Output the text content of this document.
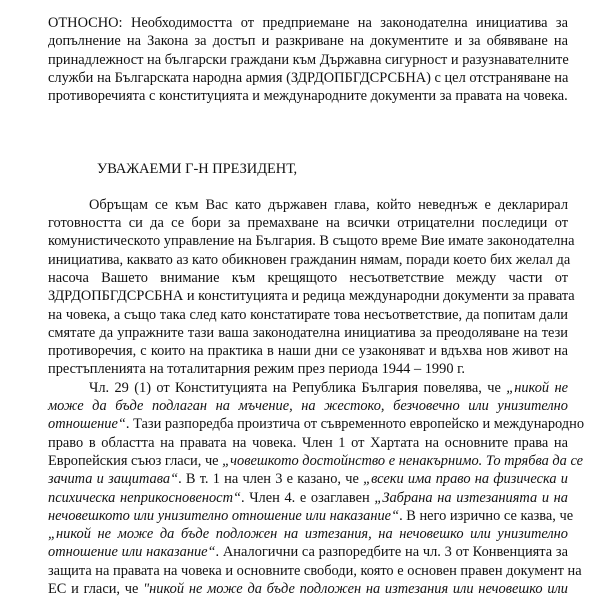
ОТНОСНО: Необходимостта от предприемане на законодателна инициатива за
допълнение на Закона за достъп и разкриване на документите и за обявяване на
принадлежност на български граждани към Държавна сигурност и разузнавателните
служби на Българската народна армия (ЗДРДОПБГДСРСБНА) с цел отстраняване на
противоречията с конституцията и международните документи за правата на човека.
УВАЖАЕМИ Г-Н ПРЕЗИДЕНТ,
Обръщам се към Вас като държавен глава, който неведнъж е декларирал
готовността си да се бори за премахване на всички отрицателни последици от
комунистическото управление на България. В същото време Вие имате законодателна
инициатива, каквато аз като обикновен гражданин нямам, поради което бих желал да
насоча Вашето внимание към крещящото несъответствие между части от
ЗДРДОПБГДСРСБНА и конституцията и редица международни документи за правата
на човека, а също така след като констатирате това несъответствие, да попитам дали
смятате да упражните тази ваша законодателна инициатива за преодоляване на тези
противоречия, с които на практика в наши дни се узаконяват и вдъхва нов живот на
престъпленията на тоталитарния режим през периода 1944 – 1990 г.
Чл. 29 (1) от Конституцията на Република България повелява, че „никой не
може да бъде подлаган на мъчение, на жестоко, безчовечно или унизително
отношение“. Тази разпоредба произтича от съвременното европейско и международно
право в областта на правата на човека. Член 1 от Хартата на основните права на
Европейския съюз гласи, че „човешкото достойнство е ненакърнимо. То трябва да се
зачита и защитава“. В т. 1 на член 3 е казано, че „всеки има право на физическа и
психическа неприкосновеност“. Член 4. е озаглавен „Забрана на изтезанията и на
нечовешкото или унизително отношение или наказание“. В него изрично се казва, че
„никой не може да бъде подложен на изтезания, на нечовешко или унизително
отношение или наказание“. Аналогични са разпоредбите на чл. 3 от Конвенцията за
защита на правата на човека и основните свободи, която е основен правен документ на
ЕС и гласи, че "никой не може да бъде подложен на изтезания или нечовешко или
